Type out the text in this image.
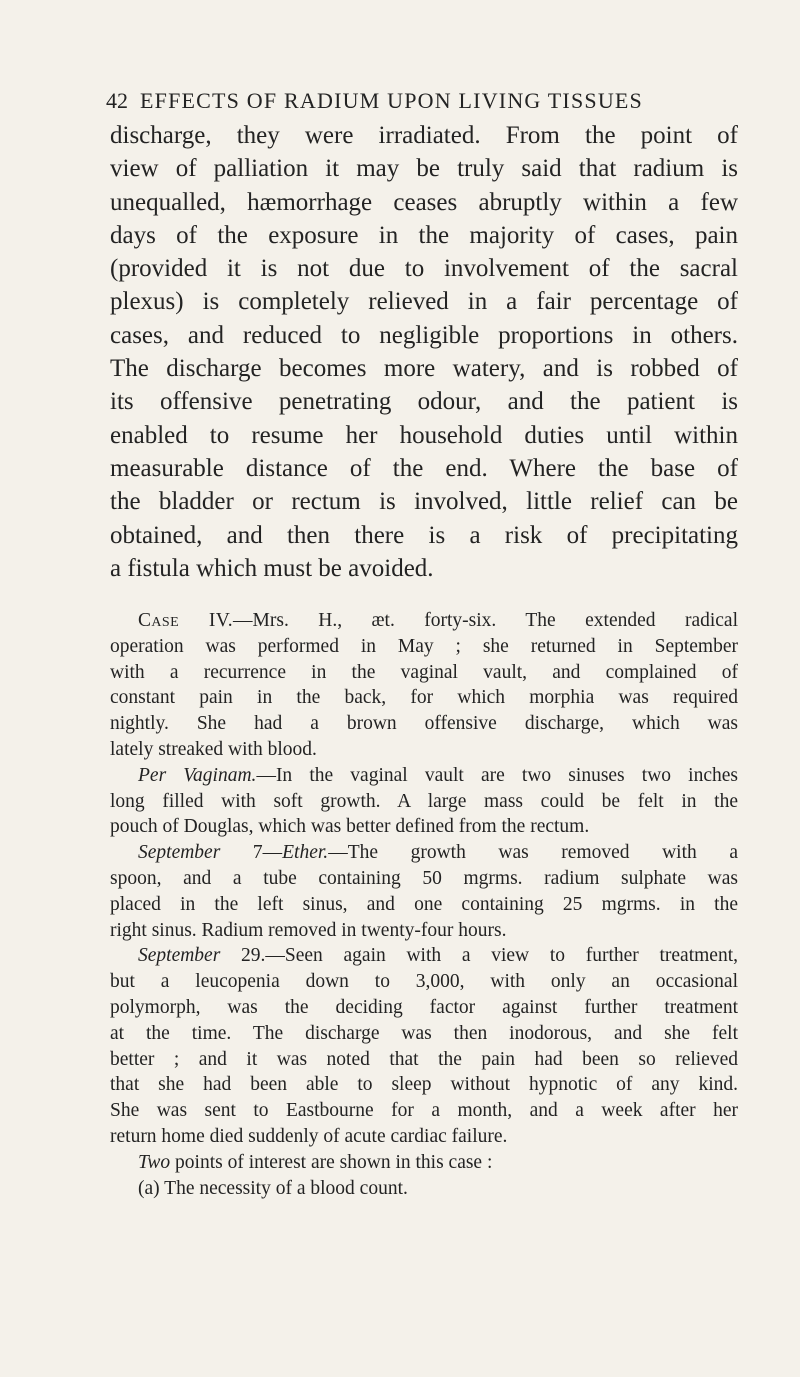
42 EFFECTS OF RADIUM UPON LIVING TISSUES
discharge, they were irradiated. From the point of
view of palliation it may be truly said that radium is
unequalled, hæmorrhage ceases abruptly within a few
days of the exposure in the majority of cases, pain
(provided it is not due to involvement of the sacral
plexus) is completely relieved in a fair percentage of
cases, and reduced to negligible proportions in others.
The discharge becomes more watery, and is robbed of
its offensive penetrating odour, and the patient is
enabled to resume her household duties until within
measurable distance of the end. Where the base of
the bladder or rectum is involved, little relief can be
obtained, and then there is a risk of precipitating
a fistula which must be avoided.
Case IV.—Mrs. H., æt. forty-six. The extended radical
operation was performed in May ; she returned in September
with a recurrence in the vaginal vault, and complained of
constant pain in the back, for which morphia was required
nightly. She had a brown offensive discharge, which was
lately streaked with blood.
Per Vaginam.—In the vaginal vault are two sinuses two inches
long filled with soft growth. A large mass could be felt in the
pouch of Douglas, which was better defined from the rectum.
September 7—Ether.—The growth was removed with a
spoon, and a tube containing 50 mgrms. radium sulphate was
placed in the left sinus, and one containing 25 mgrms. in the
right sinus. Radium removed in twenty-four hours.
September 29.—Seen again with a view to further treatment,
but a leucopenia down to 3,000, with only an occasional
polymorph, was the deciding factor against further treatment
at the time. The discharge was then inodorous, and she felt
better ; and it was noted that the pain had been so relieved
that she had been able to sleep without hypnotic of any kind.
She was sent to Eastbourne for a month, and a week after her
return home died suddenly of acute cardiac failure.
Two points of interest are shown in this case :
(a) The necessity of a blood count.
